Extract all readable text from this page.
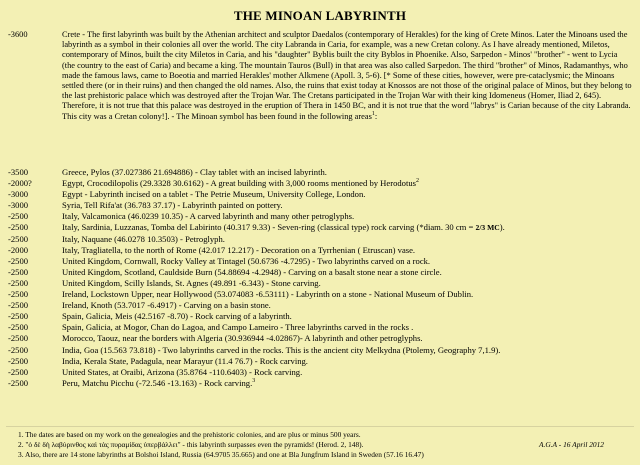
THE MINOAN LABYRINTH
-3600	Crete - The first labyrinth was built by the Athenian architect and sculptor Daedalos (contemporary of Herakles) for the king of Crete Minos. Later the Minoans used the labyrinth as a symbol in their colonies all over the world. The city Labranda in Caria, for example, was a new Cretan colony. As I have already mentioned, Miletos, contemporary of Minos, built the city Miletos in Caria, and his "daughter" Byblis built the city Byblos in Phoenike. Also, Sarpedon - Minos' "brother" - went to Lycia (the country to the east of Caria) and became a king. The mountain Tauros (Bull) in that area was also called Sarpedon. The third "brother" of Minos, Radamanthys, who made the famous laws, came to Boeotia and married Herakles' mother Alkmene (Apoll. 3, 5-6). [* Some of these cities, however, were pre-cataclysmic; the Minoans settled there (or in their ruins) and then changed the old names. Also, the ruins that exist today at Knossos are not those of the original palace of Minos, but they belong to the last prehistoric palace which was destroyed after the Trojan War. The Cretans participated in the Trojan War with their king Idomeneus (Homer, Iliad 2, 645). Therefore, it is not true that this palace was destroyed in the eruption of Thera in 1450 BC, and it is not true that the word "labrys" is Carian because of the city Labranda. This city was a Cretan colony!]. - The Minoan symbol has been found in the following areas$^1$:
-3500	Greece, Pylos (37.027386 21.694886) - Clay tablet with an incised labyrinth.
-2000?	Egypt, Crocodilopolis (29.3328 30.6162) - A great building with 3,000 rooms mentioned by Herodotus$^2$
-3000	Egypt - Labyrinth incised on a tablet - The Petrie Museum, University College, London.
-3000	Syria, Tell Rifa'at (36.783 37.17) - Labyrinth painted on pottery.
-2500	Italy, Valcamonica (46.0239 10.35) - A carved labyrinth and many other petroglyphs.
-2500	Italy, Sardinia, Luzzanas, Tomba del Labirinto (40.317 9.33) - Seven-ring (classical type) rock carving (*diam. 30 cm = 2/3 MC).
-2500	Italy, Naquane (46.0278 10.3503) - Petroglyph.
-2000	Italy, Tragliatella, to the north of Rome (42.017 12.217) - Decoration on a Tyrrhenian ( Etruscan) vase.
-2500	United Kingdom, Cornwall, Rocky Valley at Tintagel (50.6736 -4.7295) - Two labyrinths carved on a rock.
-2500	United Kingdom, Scotland, Cauldside Burn (54.88694 -4.2948) - Carving on a basalt stone near a stone circle.
-2500	United Kingdom, Scilly Islands, St. Agnes (49.891 -6.343) - Stone carving.
-2500	Ireland, Lockstown Upper, near Hollywood (53.074083 -6.53111) - Labyrinth on a stone - National Museum of Dublin.
-2500	Ireland, Knoth (53.7017 -6.4917) - Carving on a basin stone.
-2500	Spain, Galicia, Meis (42.5167 -8.70) - Rock carving of a labyrinth.
-2500	Spain, Galicia, at Mogor, Chan do Lagoa, and Campo Lameiro - Three labyrinths carved in the rocks .
-2500	Morocco, Taouz, near the borders with Algeria (30.936944 -4.02867)- A labyrinth and other petroglyphs.
-2500	India, Goa (15.563 73.818) - Two labyrinths carved in the rocks. This is the ancient city Melkydna (Ptolemy, Geography 7,1.9).
-2500	India, Kerala State, Padagula, near Marayur (11.4 76.7) - Rock carving.
-2500	United States, at Oraibi, Arizona (35.8764 -110.6403) - Rock carving.
-2500	Peru, Matchu Picchu (-72.546 -13.163) - Rock carving.$^3$
1. The dates are based on my work on the genealogies and the prehistoric colonies, and are plus or minus 500 years.
2. "ὁ δὲ δὴ λαβύρινθος καὶ τὰς πυραμίδας ὑπερβάλλει" - this labyrinth surpasses even the pyramids! (Herod. 2, 148).
3. Also, there are 14 stone labyrinths at Bolshoi Island, Russia (64.9705 35.665) and one at Bla Jungfrum Island in Sweden (57.16 16.47)
A.G.A - 16 April 2012
